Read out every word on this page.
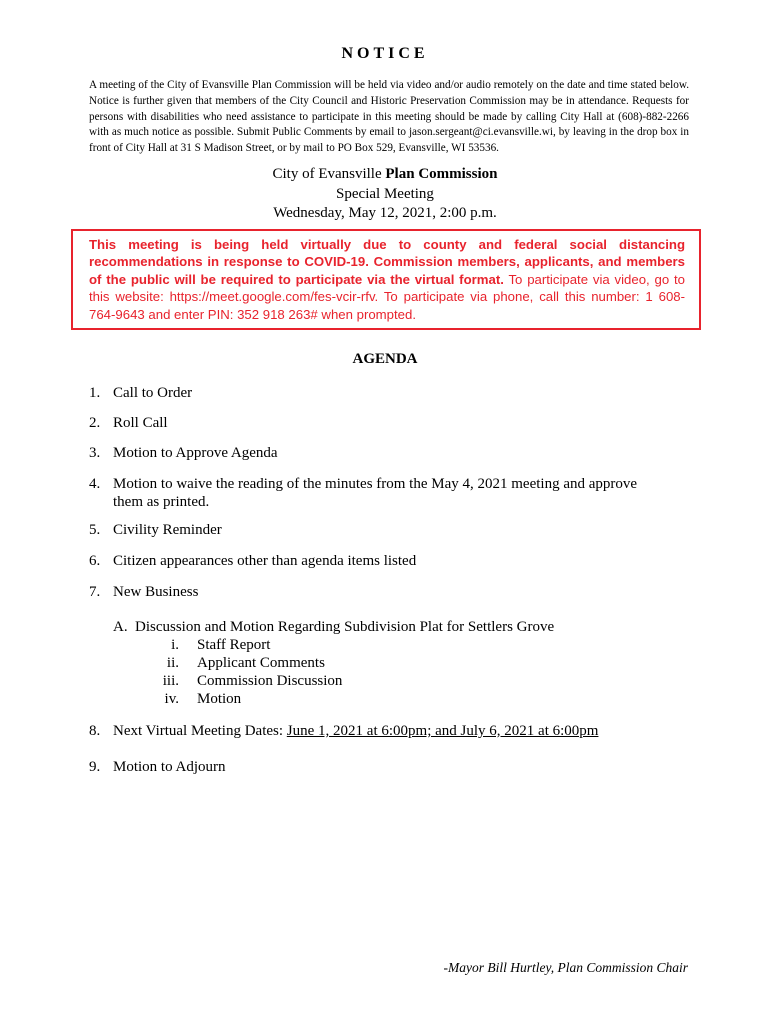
NOTICE
A meeting of the City of Evansville Plan Commission will be held via video and/or audio remotely on the date and time stated below. Notice is further given that members of the City Council and Historic Preservation Commission may be in attendance. Requests for persons with disabilities who need assistance to participate in this meeting should be made by calling City Hall at (608)-882-2266 with as much notice as possible. Submit Public Comments by email to jason.sergeant@ci.evansville.wi, by leaving in the drop box in front of City Hall at 31 S Madison Street, or by mail to PO Box 529, Evansville, WI 53536.
City of Evansville Plan Commission
Special Meeting
Wednesday, May 12, 2021, 2:00 p.m.
This meeting is being held virtually due to county and federal social distancing recommendations in response to COVID-19. Commission members, applicants, and members of the public will be required to participate via the virtual format. To participate via video, go to this website: https://meet.google.com/fes-vcir-rfv. To participate via phone, call this number: 1 608-764-9643 and enter PIN: 352 918 263# when prompted.
AGENDA
1. Call to Order
2. Roll Call
3. Motion to Approve Agenda
4. Motion to waive the reading of the minutes from the May 4, 2021 meeting and approve them as printed.
5. Civility Reminder
6. Citizen appearances other than agenda items listed
7. New Business
A. Discussion and Motion Regarding Subdivision Plat for Settlers Grove
i. Staff Report
ii. Applicant Comments
iii. Commission Discussion
iv. Motion
8. Next Virtual Meeting Dates: June 1, 2021 at 6:00pm; and July 6, 2021 at 6:00pm
9. Motion to Adjourn
-Mayor Bill Hurtley, Plan Commission Chair
